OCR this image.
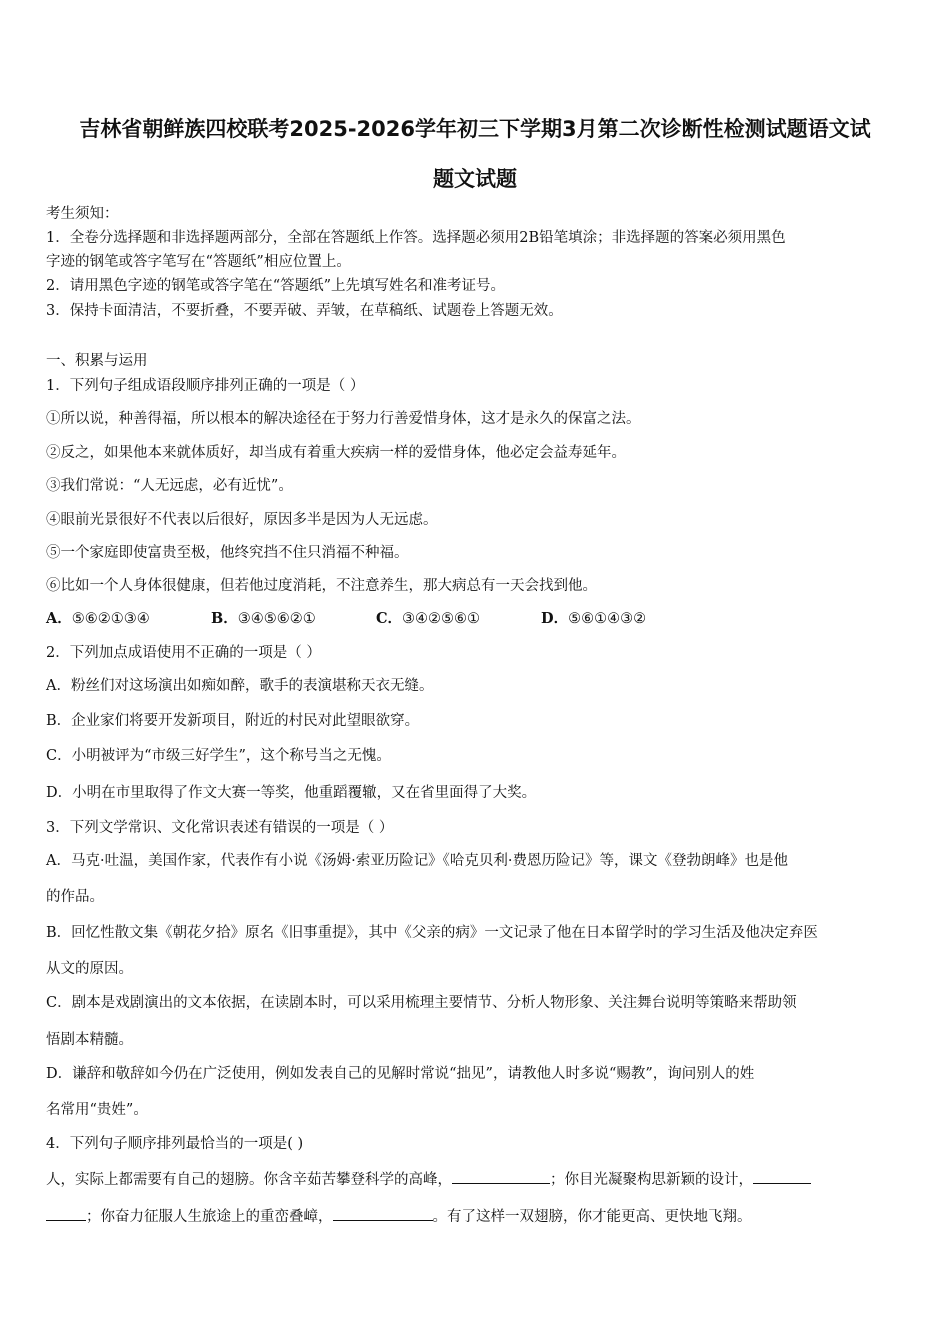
吉林省朝鲜族四校联考2025-2026学年初三下学期3月第二次诊断性检测试题语文试
题文试题
考生须知：
1．全卷分选择题和非选择题两部分，全部在答题纸上作答。选择题必须用2B铅笔填涂；非选择题的答案必须用黑色
字迹的钢笔或答字笔写在“答题纸”相应位置上。
2．请用黑色字迹的钢笔或答字笔在“答题纸”上先填写姓名和准考证号。
3．保持卡面清洁，不要折叠，不要弄破、弄皱，在草稿纸、试题卷上答题无效。
一、积累与运用
1．下列句子组成语段顺序排列正确的一项是（ ）
①所以说，种善得福，所以根本的解决途径在于努力行善爱惜身体，这才是永久的保富之法。
②反之，如果他本来就体质好，却当成有着重大疾病一样的爱惜身体，他必定会益寿延年。
③我们常说：“人无远虑，必有近忧”。
④眼前光景很好不代表以后很好，原因多半是因为人无远虑。
⑤一个家庭即使富贵至极，他终究挡不住只消福不种福。
⑥比如一个人身体很健康，但若他过度消耗，不注意养生，那大病总有一天会找到他。
A．⑤⑥②①③④	B．③④⑤⑥②①	C．③④②⑤⑥①	D．⑤⑥①④③②
2．下列加点成语使用不正确的一项是（ ）
A．粉丝们对这场演出如痴如醉，歌手的表演堪称天衣无缝。
B．企业家们将要开发新项目，附近的村民对此望眼欲穿。
C．小明被评为“市级三好学生”，这个称号当之无愧。
D．小明在市里取得了作文大赛一等奖，他重蹈覆辙，又在省里面得了大奖。
3．下列文学常识、文化常识表述有错误的一项是（ ）
A．马克·吐温，美国作家，代表作有小说《汤姆·索亚历险记》《哈克贝利·费恩历险记》等，课文《登勃朗峰》也是他
的作品。
B．回忆性散文集《朝花夕拾》原名《旧事重提》，其中《父亲的病》一文记录了他在日本留学时的学习生活及他决定弃医
从文的原因。
C．剧本是戏剧演出的文本依据，在读剧本时，可以采用梳理主要情节、分析人物形象、关注舞台说明等策略来帮助领
悟剧本精髓。
D．谦辞和敬辞如今仍在广泛使用，例如发表自己的见解时常说“拙见”，请教他人时多说“赐教”，询问别人的姓
名常用“贵姓”。
4．下列句子顺序排列最恰当的一项是( )
人，实际上都需要有自己的翅膀。你含辛茹苦攀登科学的高峰，	；你目光凝聚构思新颖的设计，
；你奋力征服人生旅途上的重峦叠嶂，	。有了这样一双翅膀，你才能更高、更快地飞翔。
